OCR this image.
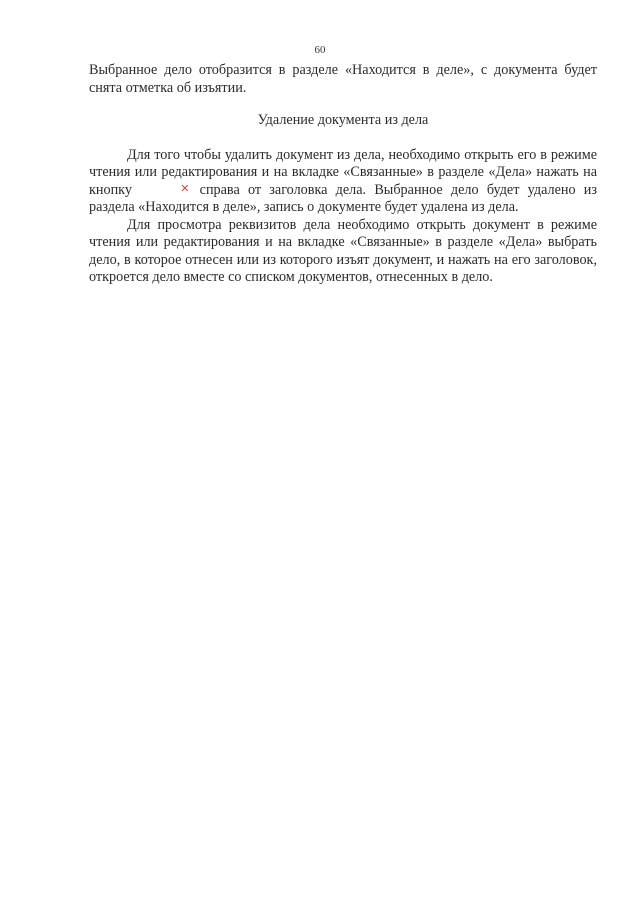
60

Выбранное дело отобразится в разделе «Находится в деле», с документа будет снята отметка об изъятии.

Удаление документа из дела

Для того чтобы удалить документ из дела, необходимо открыть его в режиме чтения или редактирования и на вкладке «Связанные» в разделе «Дела» нажать на кнопку	✕ справа от заголовка дела. Выбранное дело будет удалено из раздела «Находится в деле», запись о документе будет удалена из дела.

Для просмотра реквизитов дела необходимо открыть документ в режиме чтения или редактирования и на вкладке «Связанные» в разделе «Дела» выбрать дело, в которое отнесен или из которого изъят документ, и нажать на его заголовок, откроется дело вместе со списком документов, отнесенных в дело.
